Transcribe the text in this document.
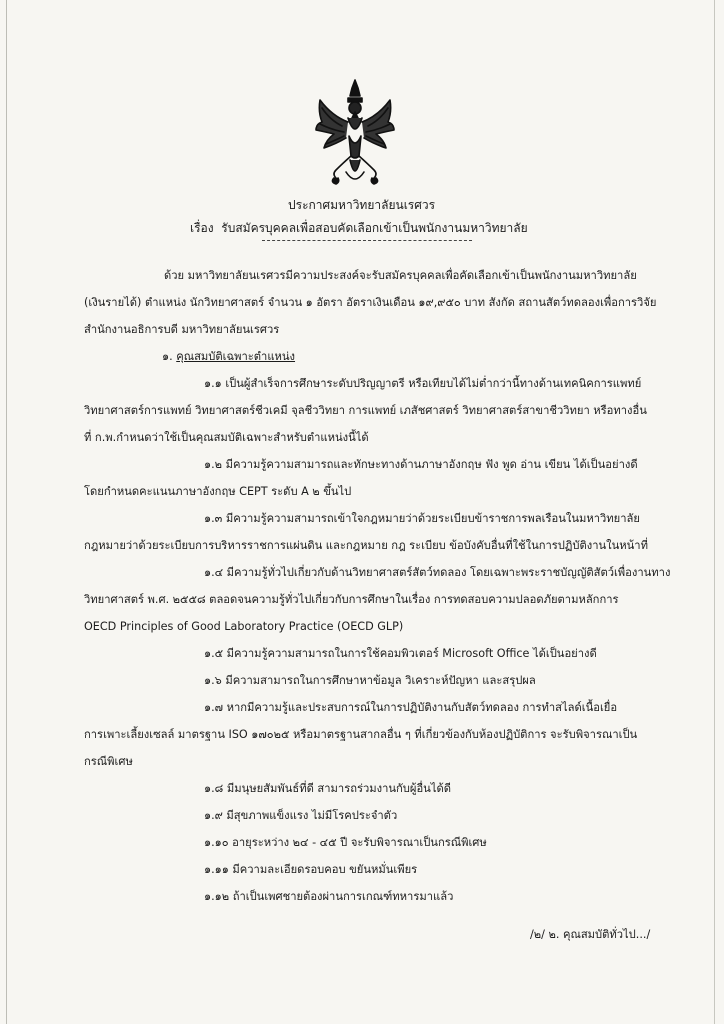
ประกาศมหาวิทยาลัยนเรศวร
เรื่อง รับสมัครบุคคลเพื่อสอบคัดเลือกเข้าเป็นพนักงานมหาวิทยาลัย
ด้วย มหาวิทยาลัยนเรศวรมีความประสงค์จะรับสมัครบุคคลเพื่อคัดเลือกเข้าเป็นพนักงานมหาวิทยาลัย
(เงินรายได้) ตำแหน่ง นักวิทยาศาสตร์ จำนวน ๑ อัตรา อัตราเงินเดือน ๑๙,๙๕๐ บาท สังกัด สถานสัตว์ทดลองเพื่อการวิจัย
สำนักงานอธิการบดี มหาวิทยาลัยนเรศวร
๑. คุณสมบัติเฉพาะตำแหน่ง
๑.๑ เป็นผู้สำเร็จการศึกษาระดับปริญญาตรี หรือเทียบได้ไม่ต่ำกว่านี้ทางด้านเทคนิคการแพทย์
วิทยาศาสตร์การแพทย์ วิทยาศาสตร์ชีวเคมี จุลชีววิทยา การแพทย์ เภสัชศาสตร์ วิทยาศาสตร์สาขาชีววิทยา หรือทางอื่น
ที่ ก.พ.กำหนดว่าใช้เป็นคุณสมบัติเฉพาะสำหรับตำแหน่งนี้ได้
๑.๒ มีความรู้ความสามารถและทักษะทางด้านภาษาอังกฤษ ฟัง พูด อ่าน เขียน ได้เป็นอย่างดี
โดยกำหนดคะแนนภาษาอังกฤษ CEPT ระดับ A ๒ ขึ้นไป
๑.๓ มีความรู้ความสามารถเข้าใจกฎหมายว่าด้วยระเบียบข้าราชการพลเรือนในมหาวิทยาลัย
กฎหมายว่าด้วยระเบียบการบริหารราชการแผ่นดิน และกฎหมาย กฎ ระเบียบ ข้อบังคับอื่นที่ใช้ในการปฏิบัติงานในหน้าที่
๑.๔ มีความรู้ทั่วไปเกี่ยวกับด้านวิทยาศาสตร์สัตว์ทดลอง โดยเฉพาะพระราชบัญญัติสัตว์เพื่องานทาง
วิทยาศาสตร์ พ.ศ. ๒๕๕๘ ตลอดจนความรู้ทั่วไปเกี่ยวกับการศึกษาในเรื่อง การทดสอบความปลอดภัยตามหลักการ
OECD Principles of Good Laboratory Practice (OECD GLP)
๑.๕ มีความรู้ความสามารถในการใช้คอมพิวเตอร์ Microsoft Office ได้เป็นอย่างดี
๑.๖ มีความสามารถในการศึกษาหาข้อมูล วิเคราะห์ปัญหา และสรุปผล
๑.๗ หากมีความรู้และประสบการณ์ในการปฏิบัติงานกับสัตว์ทดลอง การทำสไลด์เนื้อเยื่อ
การเพาะเลี้ยงเซลล์ มาตรฐาน ISO ๑๗๐๒๕ หรือมาตรฐานสากลอื่น ๆ ที่เกี่ยวข้องกับห้องปฏิบัติการ จะรับพิจารณาเป็น
กรณีพิเศษ
๑.๘ มีมนุษยสัมพันธ์ที่ดี สามารถร่วมงานกับผู้อื่นได้ดี
๑.๙ มีสุขภาพแข็งแรง ไม่มีโรคประจำตัว
๑.๑๐ อายุระหว่าง ๒๔ - ๔๕ ปี จะรับพิจารณาเป็นกรณีพิเศษ
๑.๑๑ มีความละเอียดรอบคอบ ขยันหมั่นเพียร
๑.๑๒ ถ้าเป็นเพศชายต้องผ่านการเกณฑ์ทหารมาแล้ว
/๒/ ๒. คุณสมบัติทั่วไป.../
